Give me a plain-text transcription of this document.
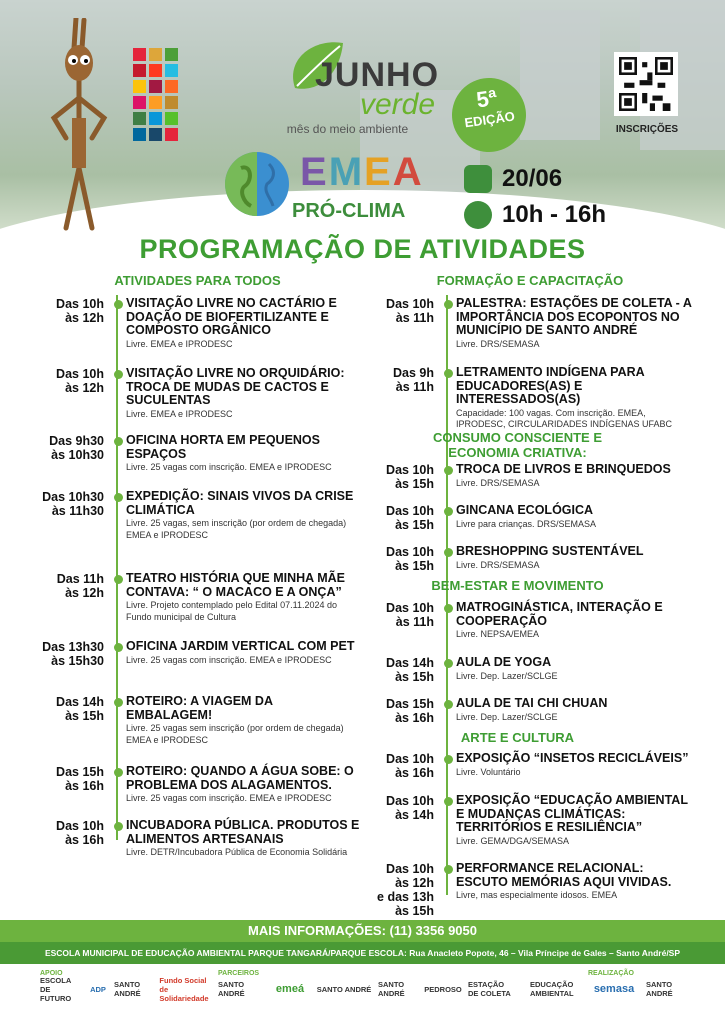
JUNHO
verde
mês do meio ambiente
5ª
EDIÇÃO	INSCRIÇÕES
EMEA
PRÓ-CLIMA
20/06
10h - 16h
PROGRAMAÇÃO DE ATIVIDADES
ATIVIDADES PARA TODOS	FORMAÇÃO E CAPACITAÇÃO
Das 10h
às 12h
VISITAÇÃO LIVRE NO CACTÁRIO E DOAÇÃO DE BIOFERTILIZANTE E COMPOSTO ORGÂNICO
Livre. EMEA e IPRODESC
Das 10h
às 12h
VISITAÇÃO LIVRE NO ORQUIDÁRIO: TROCA DE MUDAS DE CACTOS E SUCULENTAS
Livre. EMEA e IPRODESC
Das 9h30
às 10h30
OFICINA HORTA EM PEQUENOS ESPAÇOS
Livre. 25 vagas com inscrição. EMEA e IPRODESC
Das 10h30
às 11h30
EXPEDIÇÃO: SINAIS VIVOS DA CRISE CLIMÁTICA
Livre. 25 vagas, sem inscrição (por ordem de chegada) EMEA e IPRODESC
Das 11h
às 12h
TEATRO HISTÓRIA QUE MINHA MÃE CONTAVA: “ O MACACO E A ONÇA”
Livre. Projeto contemplado pelo Edital 07.11.2024 do Fundo municipal de Cultura
Das 13h30
às 15h30
OFICINA JARDIM VERTICAL COM PET
Livre. 25 vagas com inscrição. EMEA e IPRODESC
Das 14h
às 15h
ROTEIRO: A VIAGEM DA EMBALAGEM!
Livre. 25 vagas sem inscrição (por ordem de chegada) EMEA e IPRODESC
Das 15h
às 16h
ROTEIRO: QUANDO A ÁGUA SOBE: O PROBLEMA DOS ALAGAMENTOS.
Livre. 25 vagas com inscrição. EMEA e IPRODESC
Das 10h
às 16h
INCUBADORA PÚBLICA. PRODUTOS E ALIMENTOS ARTESANAIS
Livre. DETR/Incubadora Pública de Economia Solidária
Das 10h
às 11h
PALESTRA: ESTAÇÕES DE COLETA - A IMPORTÂNCIA DOS ECOPONTOS NO MUNICÍPIO DE SANTO ANDRÉ
Livre. DRS/SEMASA
Das 9h
às 11h
LETRAMENTO INDÍGENA PARA EDUCADORES(AS) E INTERESSADOS(AS)
Capacidade: 100 vagas. Com inscrição. EMEA, IPRODESC, CIRCULARIDADES INDÍGENAS UFABC
Das 10h
às 15h
TROCA DE LIVROS E BRINQUEDOS
Livre. DRS/SEMASA
Das 10h
às 15h
GINCANA ECOLÓGICA
Livre para crianças. DRS/SEMASA
Das 10h
às 15h
BRESHOPPING SUSTENTÁVEL
Livre. DRS/SEMASA
Das 10h
às 11h
MATROGINÁSTICA, INTERAÇÃO E COOPERAÇÃO
Livre. NEPSA/EMEA
Das 14h
às 15h
AULA DE YOGA
Livre. Dep. Lazer/SCLGE
Das 15h
às 16h
AULA DE TAI CHI CHUAN
Livre. Dep. Lazer/SCLGE
Das 10h
às 16h
EXPOSIÇÃO “INSETOS RECICLÁVEIS”
Livre. Voluntário
Das 10h
às 14h
EXPOSIÇÃO “EDUCAÇÃO AMBIENTAL E MUDANÇAS CLIMÁTICAS: TERRITÓRIOS E RESILIÊNCIA”
Livre. GEMA/DGA/SEMASA
Das 10h
às 12h
e das 13h
às 15h
PERFORMANCE RELACIONAL: ESCUTO MEMÓRIAS AQUI VIVIDAS.
Livre, mas especialmente idosos. EMEA
CONSUMO CONSCIENTE E ECONOMIA CRIATIVA:
BEM-ESTAR E MOVIMENTO
ARTE E CULTURA
MAIS INFORMAÇÕES: (11) 3356 9050
ESCOLA MUNICIPAL DE EDUCAÇÃO AMBIENTAL PARQUE TANGARÁ/PARQUE ESCOLA: Rua Anacleto Popote, 46 – Vila Príncipe de Gales – Santo André/SP
APOIO	PARCEIROS	REALIZAÇÃO
ESCOLA DE FUTURO
ADP	SANTO ANDRÉ
Fundo Social de Solidariedade
SANTO ANDRÉ	emeá	SANTO ANDRÉ SANTO ANDRÉ	PEDROSO ESTAÇÃO DE COLETA
EDUCAÇÃO AMBIENTAL	semasa	SANTO ANDRÉ
